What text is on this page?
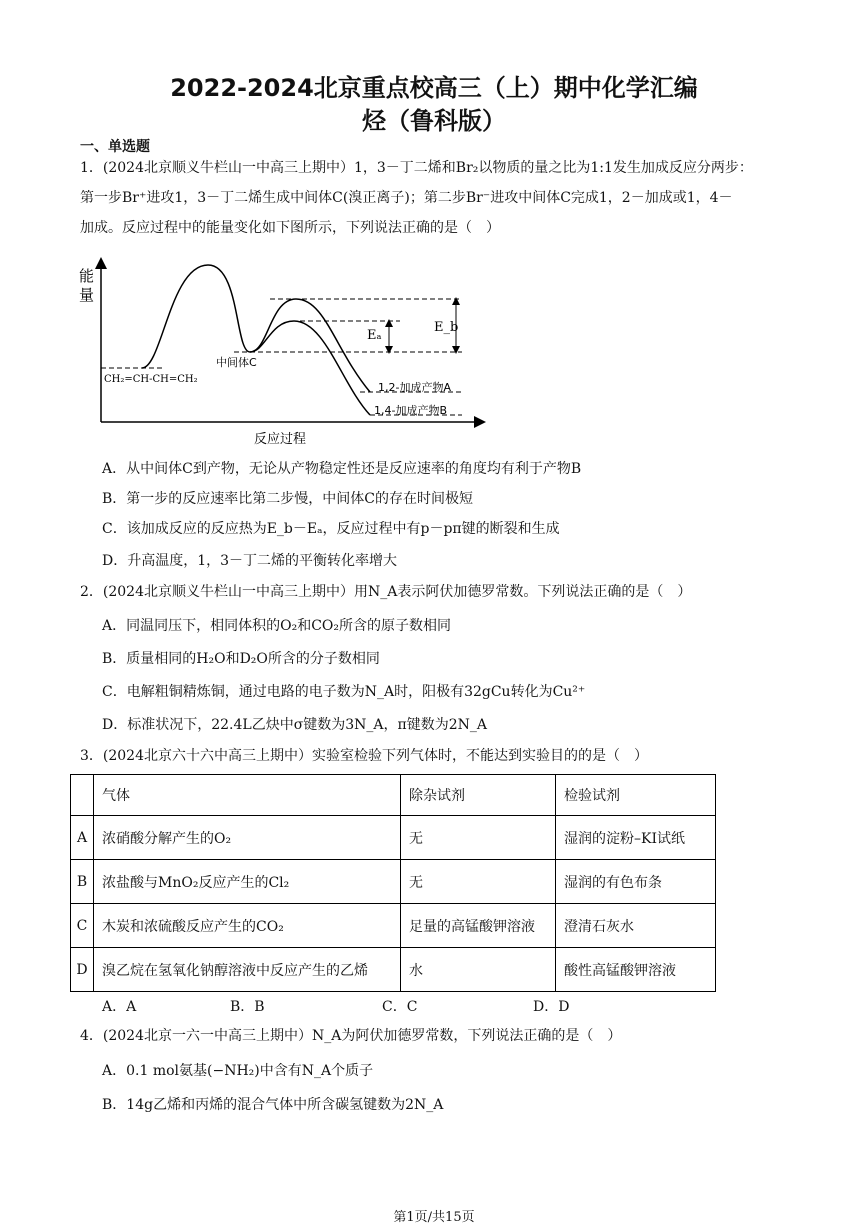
2022-2024北京重点校高三（上）期中化学汇编
烃（鲁科版）
一、单选题
1．(2024北京顺义牛栏山一中高三上期中）1，3－丁二烯和Br₂以物质的量之比为1:1发生加成反应分两步：
第一步Br⁺进攻1，3－丁二烯生成中间体C(溴正离子)；第二步Br⁻进攻中间体C完成1，2－加成或1，4－
加成。反应过程中的能量变化如下图所示，下列说法正确的是（　）
能
量
反应过程
Eₐ
E_b
CH₂=CH-CH=CH₂
中间体C
1,2-加成产物A
1,4-加成产物B
A．从中间体C到产物，无论从产物稳定性还是反应速率的角度均有利于产物B
B．第一步的反应速率比第二步慢，中间体C的存在时间极短
C．该加成反应的反应热为E_b－Eₐ，反应过程中有p－pπ键的断裂和生成
D．升高温度，1，3－丁二烯的平衡转化率增大
2．(2024北京顺义牛栏山一中高三上期中）用N_A表示阿伏加德罗常数。下列说法正确的是（　）
A．同温同压下，相同体积的O₂和CO₂所含的原子数相同
B．质量相同的H₂O和D₂O所含的分子数相同
C．电解粗铜精炼铜，通过电路的电子数为N_A时，阳极有32gCu转化为Cu²⁺
D．标准状况下，22.4L乙炔中σ键数为3N_A，π键数为2N_A
3．(2024北京六十六中高三上期中）实验室检验下列气体时，不能达到实验目的的是（　）
	气体	除杂试剂	检验试剂
A	浓硝酸分解产生的O₂	无	湿润的淀粉–KI试纸
B	浓盐酸与MnO₂反应产生的Cl₂	无	湿润的有色布条
C	木炭和浓硫酸反应产生的CO₂	足量的高锰酸钾溶液	澄清石灰水
D	溴乙烷在氢氧化钠醇溶液中反应产生的乙烯	水	酸性高锰酸钾溶液
A．A	B．B	C．C	D．D
4．(2024北京一六一中高三上期中）N_A为阿伏加德罗常数，下列说法正确的是（　）
A．0.1 mol氨基(−NH₂)中含有N_A个质子
B．14g乙烯和丙烯的混合气体中所含碳氢键数为2N_A
第1页/共15页
